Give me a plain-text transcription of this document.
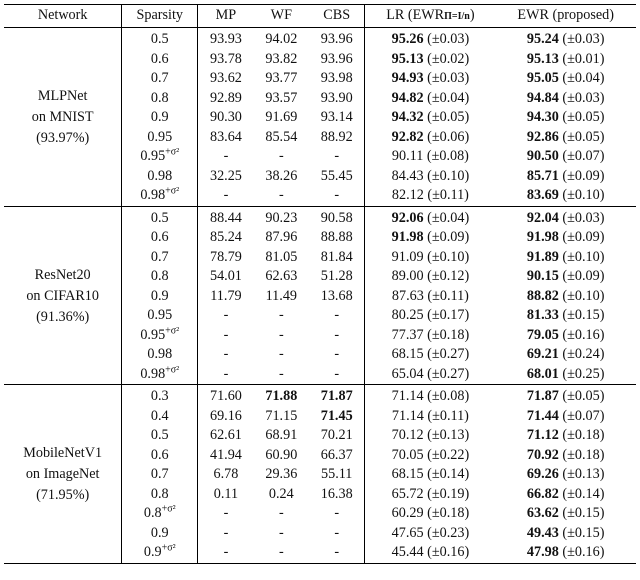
Network	Sparsity	MP	WF	CBS	LR (EWRΠ=I/n)	EWR (proposed)

MLPNet
on MNIST
(93.97%)	0.5	93.93	94.02	93.96	95.26 (±0.03)	95.24 (±0.03)
	0.6	93.78	93.82	93.96	95.13 (±0.02)	95.13 (±0.01)
	0.7	93.62	93.77	93.98	94.93 (±0.03)	95.05 (±0.04)
	0.8	92.89	93.57	93.90	94.82 (±0.04)	94.84 (±0.03)
	0.9	90.30	91.69	93.14	94.32 (±0.05)	94.30 (±0.05)
	0.95	83.64	85.54	88.92	92.82 (±0.06)	92.86 (±0.05)
	$0.95^{+\sigma^2}$	-	-	-	90.11 (±0.08)	90.50 (±0.07)
	0.98	32.25	38.26	55.45	84.43 (±0.10)	85.71 (±0.09)
	$0.98^{+\sigma^2}$	-	-	-	82.12 (±0.11)	83.69 (±0.10)

ResNet20
on CIFAR10
(91.36%)	0.5	88.44	90.23	90.58	92.06 (±0.04)	92.04 (±0.03)
	0.6	85.24	87.96	88.88	91.98 (±0.09)	91.98 (±0.09)
	0.7	78.79	81.05	81.84	91.09 (±0.10)	91.89 (±0.10)
	0.8	54.01	62.63	51.28	89.00 (±0.12)	90.15 (±0.09)
	0.9	11.79	11.49	13.68	87.63 (±0.11)	88.82 (±0.10)
	0.95	-	-	-	80.25 (±0.17)	81.33 (±0.15)
	$0.95^{+\sigma^2}$	-	-	-	77.37 (±0.18)	79.05 (±0.16)
	0.98	-	-	-	68.15 (±0.27)	69.21 (±0.24)
	$0.98^{+\sigma^2}$	-	-	-	65.04 (±0.27)	68.01 (±0.25)

MobileNetV1
on ImageNet
(71.95%)	0.3	71.60	71.88	71.87	71.14 (±0.08)	71.87 (±0.05)
	0.4	69.16	71.15	71.45	71.14 (±0.11)	71.44 (±0.07)
	0.5	62.61	68.91	70.21	70.12 (±0.13)	71.12 (±0.18)
	0.6	41.94	60.90	66.37	70.05 (±0.22)	70.92 (±0.18)
	0.7	6.78	29.36	55.11	68.15 (±0.14)	69.26 (±0.13)
	0.8	0.11	0.24	16.38	65.72 (±0.19)	66.82 (±0.14)
	$0.8^{+\sigma^2}$	-	-	-	60.29 (±0.18)	63.62 (±0.15)
	0.9	-	-	-	47.65 (±0.23)	49.43 (±0.15)
	$0.9^{+\sigma^2}$	-	-	-	45.44 (±0.16)	47.98 (±0.16)
